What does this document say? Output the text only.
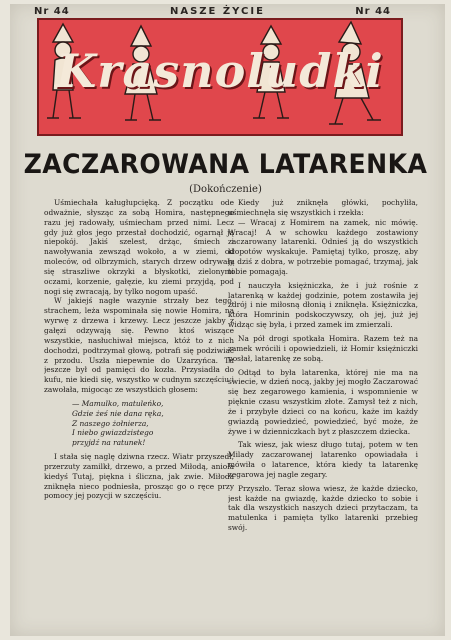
Nr 44	NASZE ŻYCIE	Nr 44
Krasnoludki
ZACZAROWANA LATARENKA
(Dokończenie)

Uśmiechała kaługłupcięką. Z początku ode odważnie, słysząc za sobą Homira, następnego razu jej radowały, uśmiecham przed nimi. Lecz gdy już głos jego przestał dochodzić, ogarnął ją niepokój. Jakiś szelest, drżąc, śmiech i nawoływania zewsząd wokoło, a w ziemi, od moleców, od olbrzymich, starych drzew odrywały się straszliwe okrzyki a błyskotki, zielonymi oczami, korzenie, gałęzie, ku ziemi przyjdą, pod nogi się zwracają, by tylko nogom upaść.

W jakiejś nagłe wazynie strzały bez tego, strachem, leża wspominała się nowie Homira, na wyrwę z drzewa i krzewy. Lecz jeszcze jakby z gałęzi odzywają się. Pewno ktoś wiszące wszystkie, nasłuchiwał miejsca, któż to z nich dochodzi, podtrzymał głową, potrafi się podziwiać z przodu. Uszła niepewnie do Uzarzyńca. Tu jeszcze był od pamięci do kozła. Przysiadła do kufu, nie kiedi się, wszystko w cudnym szczęściu i zawołała, migocąc ze wszystkich głosem:

— Mamulko, matuleńko,

Gdzie żeś nie dana ręka,

Z naszego żołnierza,

I niebo gwiazdzistego

przyjdź na ratunek!

I stała się naglę dziwna rzecz. Wiatr przyszedł, przerzuty zamilkł, drzewo, a przed Miłodą, anioła kiedyś Tutaj, piękna i śliczna, jak zwie. Miłoda zniknęła nieco podniesła, prosząc go o ręce przy pomocy jej pozycji w szczęściu.

Kiedy już zniknęła główki, pochyliła, uśmiechnęła się wszystkich i rzekła:

— Wracaj z Homirem na zamek, nic mówię. Wracaj! A w schowku każdego zostawiony zaczarowany latarenki. Odnieś ją do wszystkich kłopotów wyskakuje. Pamiętaj tylko, proszę, aby ją dziś z dobra, w potrzebie pomagać, trzymaj, jak tobie pomagają.

I nauczyła księżniczka, że i już rośnie z latarenką w każdej godzinie, potem zostawiła jej zdrój i nie miłosną dłonią i zniknęła. Księżniczka, która Homrinin podskoczywszy, oh jej, już jej widząc się była, i przed zamek im zmierzali.

Na pół drogi spotkała Homira. Razem też na zamek wrócili i opowiedzieli, iż Homir księżniczki posłał, latarenkę ze sobą.

Odtąd to była latarenka, której nie ma na świecie, w dzień nocą, jakby jej mogło Zaczarować się bez zegarowego kamienia, i wspomnienie w pięknie czasu wszystkim złote. Zamysł też z nich, że i przybyłe dzieci co na końcu, każe im każdy gwiazdą powiedzieć, powiedzieć, być może, że żywe i w dzienniczkach byt z płaszczem dziecka.

Tak wiesz, jak wiesz długo tutaj, potem w ten Milady zaczarowanej latarenko opowiadała i mówiła o latarence, która kiedy ta latarenkę zegarowa jej nagle zegary.

Przyszło. Teraz słowa wiesz, że każde dziecko, jest każde na gwiazdę, każde dziecko to sobie i tak dla wszystkich naszych dzieci przytaczam, ta matulenka i pamięta tylko latarenki przebieg swój.
